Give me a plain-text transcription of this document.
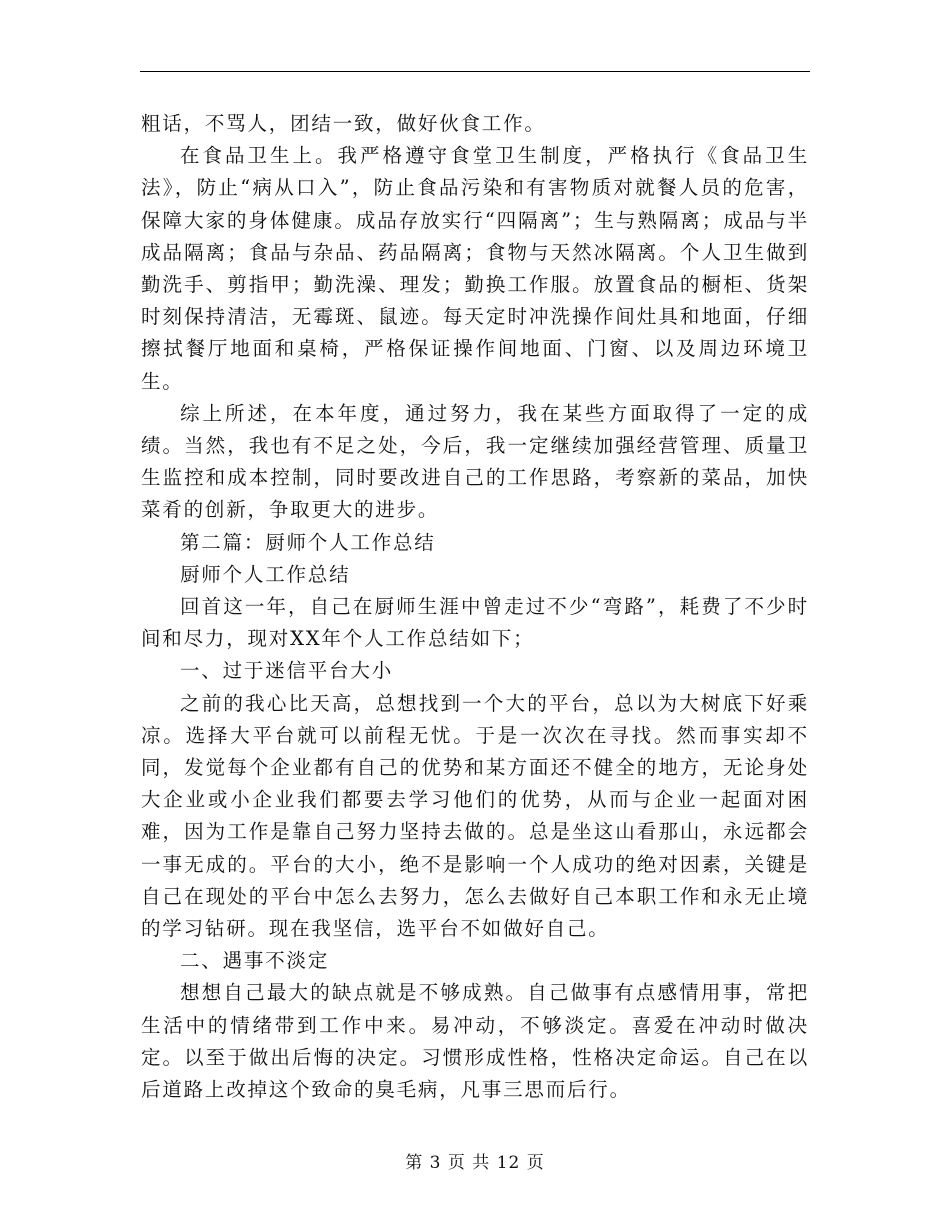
粗话，不骂人，团结一致，做好伙食工作。

在食品卫生上。我严格遵守食堂卫生制度，严格执行《食品卫生法》，防止“病从口入”，防止食品污染和有害物质对就餐人员的危害，保障大家的身体健康。成品存放实行“四隔离”；生与熟隔离；成品与半成品隔离；食品与杂品、药品隔离；食物与天然冰隔离。个人卫生做到勤洗手、剪指甲；勤洗澡、理发；勤换工作服。放置食品的橱柜、货架时刻保持清洁，无霉斑、鼠迹。每天定时冲洗操作间灶具和地面，仔细擦拭餐厅地面和桌椅，严格保证操作间地面、门窗、以及周边环境卫生。

综上所述，在本年度，通过努力，我在某些方面取得了一定的成绩。当然，我也有不足之处，今后，我一定继续加强经营管理、质量卫生监控和成本控制，同时要改进自己的工作思路，考察新的菜品，加快菜肴的创新，争取更大的进步。

第二篇：厨师个人工作总结

厨师个人工作总结

回首这一年，自己在厨师生涯中曾走过不少“弯路”，耗费了不少时间和尽力，现对XX年个人工作总结如下；

一、过于迷信平台大小

之前的我心比天高，总想找到一个大的平台，总以为大树底下好乘凉。选择大平台就可以前程无忧。于是一次次在寻找。然而事实却不同，发觉每个企业都有自己的优势和某方面还不健全的地方，无论身处大企业或小企业我们都要去学习他们的优势，从而与企业一起面对困难，因为工作是靠自己努力坚持去做的。总是坐这山看那山，永远都会一事无成的。平台的大小，绝不是影响一个人成功的绝对因素，关键是自己在现处的平台中怎么去努力，怎么去做好自己本职工作和永无止境的学习钻研。现在我坚信，选平台不如做好自己。

二、遇事不淡定

想想自己最大的缺点就是不够成熟。自己做事有点感情用事，常把生活中的情绪带到工作中来。易冲动，不够淡定。喜爱在冲动时做决定。以至于做出后悔的决定。习惯形成性格，性格决定命运。自己在以后道路上改掉这个致命的臭毛病，凡事三思而后行。

第 3 页 共 12 页
